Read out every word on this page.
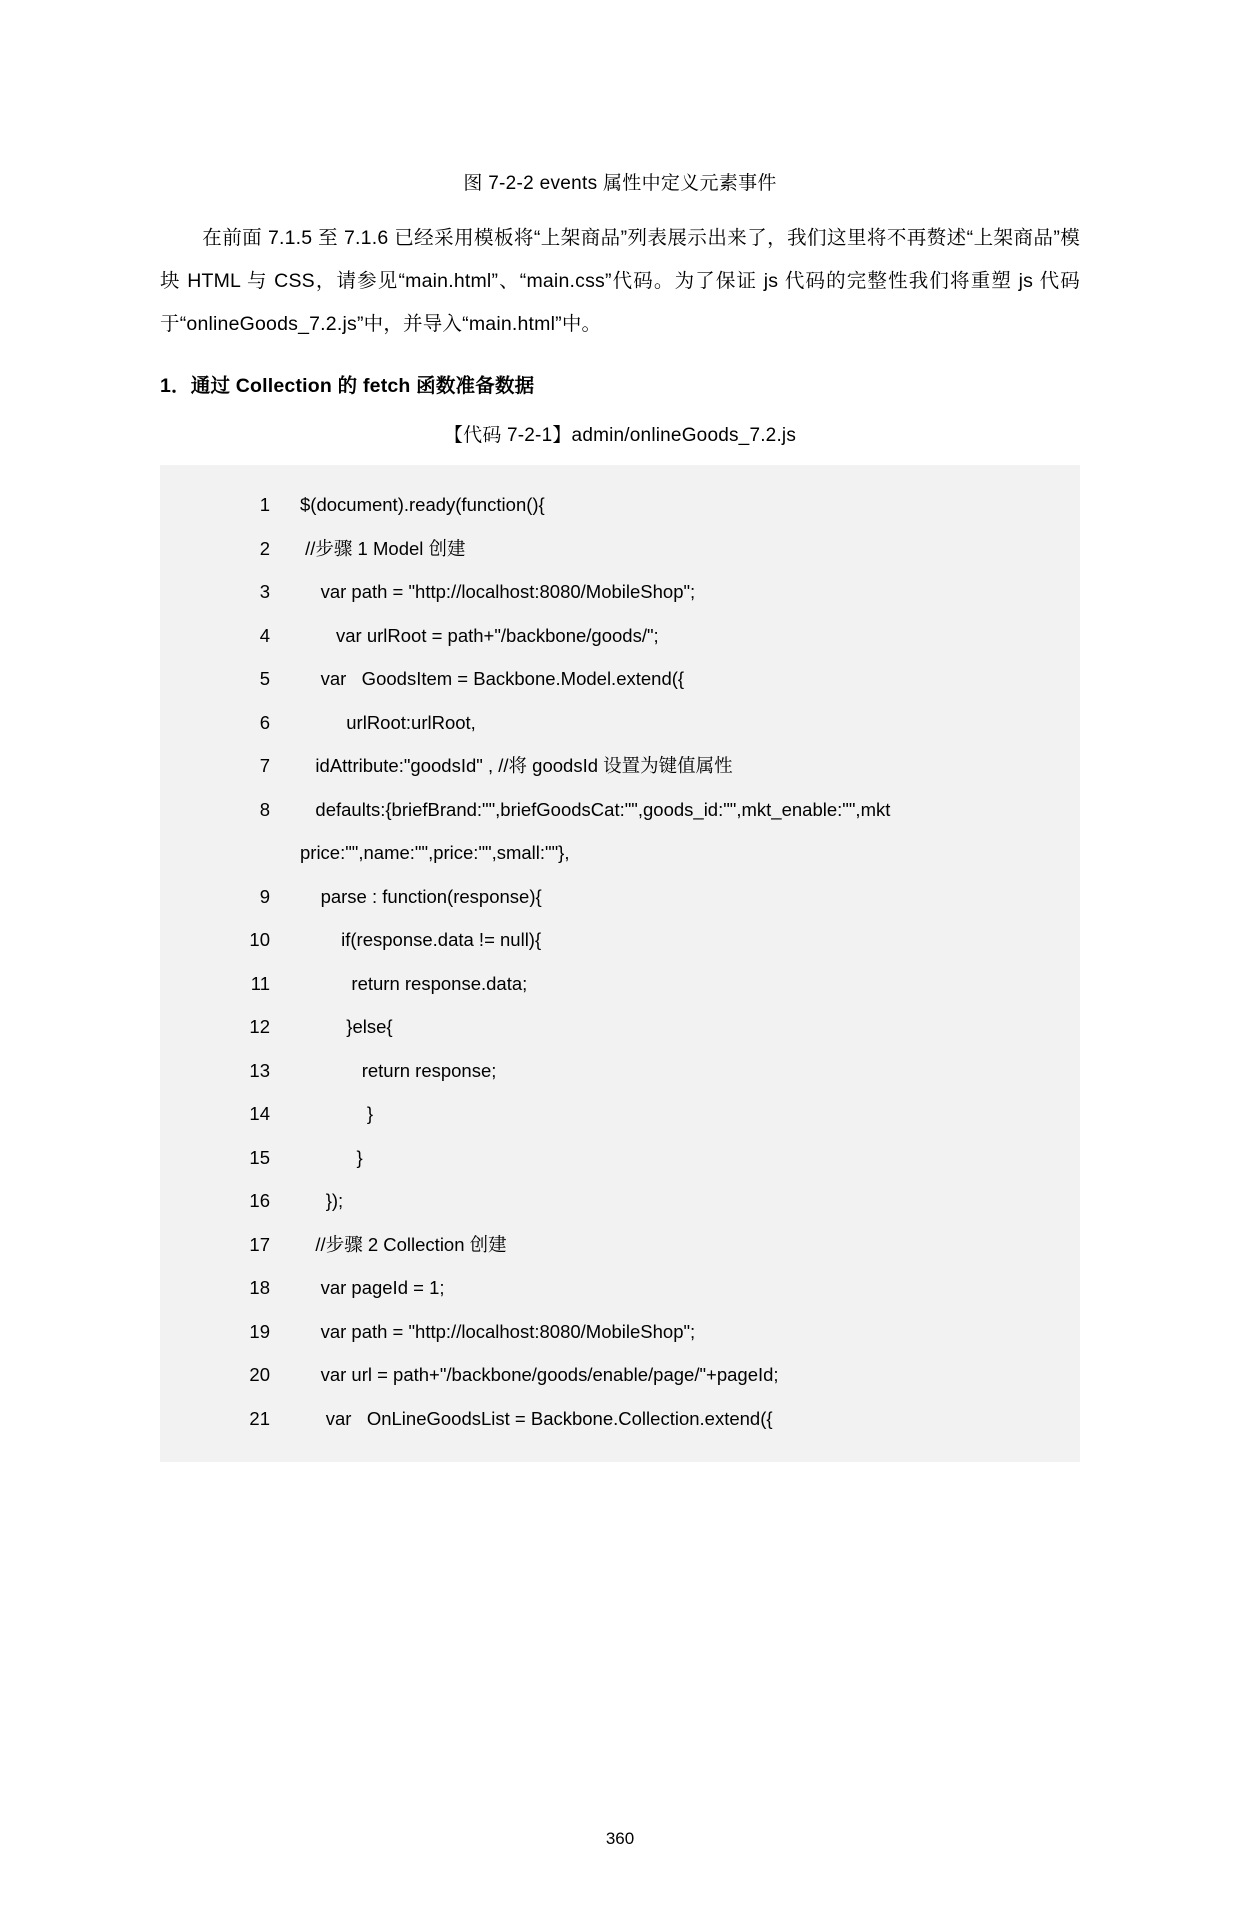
图 7-2-2 events 属性中定义元素事件

在前面 7.1.5 至 7.1.6 已经采用模板将“上架商品”列表展示出来了，我们这里将不再赘述“上架商品”模块 HTML 与 CSS，请参见“main.html”、“main.css”代码。为了保证 js 代码的完整性我们将重塑 js 代码于“onlineGoods_7.2.js”中，并导入“main.html”中。

1．通过 Collection 的 fetch 函数准备数据
【代码 7-2-1】admin/onlineGoods_7.2.js
1	$(document).ready(function(){
2	//步骤 1 Model 创建
3	var path = "http://localhost:8080/MobileShop";
4	var urlRoot = path+"/backbone/goods/";
5	var   GoodsItem = Backbone.Model.extend({
6	urlRoot:urlRoot,
7	idAttribute:"goodsId" , //将 goodsId 设置为键值属性
8	defaults:{briefBrand:"",briefGoodsCat:"",goods_id:"",mkt_enable:"",mkt price:"",name:"",price:"",small:""},
9	parse : function(response){
10	if(response.data != null){
11	return response.data;
12	}else{
13	return response;
14	}
15	}
16	});
17	//步骤 2 Collection 创建
18	var pageId = 1;
19	var path = "http://localhost:8080/MobileShop";
20	var url = path+"/backbone/goods/enable/page/"+pageId;
21	var   OnLineGoodsList = Backbone.Collection.extend({
360
